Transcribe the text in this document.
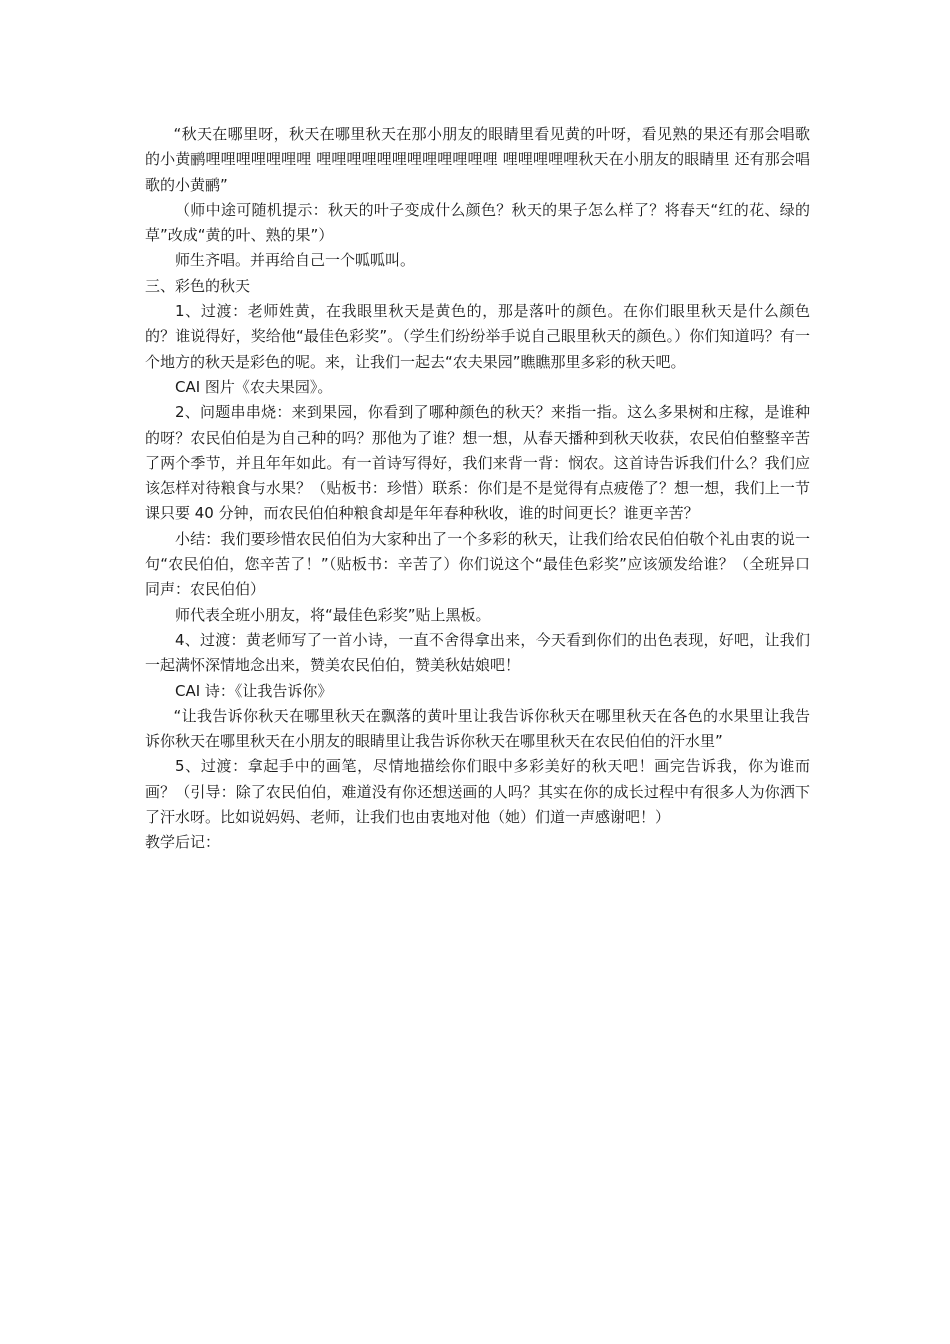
“秋天在哪里呀，秋天在哪里秋天在那小朋友的眼睛里看见黄的叶呀，看见熟的果还有那会唱歌的小黄鹂哩哩哩哩哩哩哩 哩哩哩哩哩哩哩哩哩哩哩哩 哩哩哩哩哩秋天在小朋友的眼睛里 还有那会唱歌的小黄鹂”

（师中途可随机提示：秋天的叶子变成什么颜色？秋天的果子怎么样了？将春天“红的花、绿的草”改成“黄的叶、熟的果”）

师生齐唱。并再给自己一个呱呱叫。

三、彩色的秋天

1、过渡：老师姓黄，在我眼里秋天是黄色的，那是落叶的颜色。在你们眼里秋天是什么颜色的？谁说得好，奖给他“最佳色彩奖”。（学生们纷纷举手说自己眼里秋天的颜色。）你们知道吗？有一个地方的秋天是彩色的呢。来，让我们一起去“农夫果园”瞧瞧那里多彩的秋天吧。

CAI 图片《农夫果园》。

2、问题串串烧：来到果园，你看到了哪种颜色的秋天？来指一指。这么多果树和庄稼，是谁种的呀？农民伯伯是为自己种的吗？那他为了谁？想一想，从春天播种到秋天收获，农民伯伯整整辛苦了两个季节，并且年年如此。有一首诗写得好，我们来背一背：悯农。这首诗告诉我们什么？我们应该怎样对待粮食与水果？（贴板书：珍惜）联系：你们是不是觉得有点疲倦了？想一想，我们上一节课只要 40 分钟，而农民伯伯种粮食却是年年春种秋收，谁的时间更长？谁更辛苦？

小结：我们要珍惜农民伯伯为大家种出了一个多彩的秋天，让我们给农民伯伯敬个礼由衷的说一句“农民伯伯，您辛苦了！”（贴板书：辛苦了）你们说这个“最佳色彩奖”应该颁发给谁？（全班异口同声：农民伯伯）

师代表全班小朋友，将“最佳色彩奖”贴上黑板。

4、过渡：黄老师写了一首小诗，一直不舍得拿出来，今天看到你们的出色表现，好吧，让我们一起满怀深情地念出来，赞美农民伯伯，赞美秋姑娘吧！

CAI 诗：《让我告诉你》

“让我告诉你秋天在哪里秋天在飘落的黄叶里让我告诉你秋天在哪里秋天在各色的水果里让我告诉你秋天在哪里秋天在小朋友的眼睛里让我告诉你秋天在哪里秋天在农民伯伯的汗水里”

5、过渡：拿起手中的画笔，尽情地描绘你们眼中多彩美好的秋天吧！画完告诉我，你为谁而画？（引导：除了农民伯伯，难道没有你还想送画的人吗？其实在你的成长过程中有很多人为你洒下了汗水呀。比如说妈妈、老师，让我们也由衷地对他（她）们道一声感谢吧！）

教学后记：
